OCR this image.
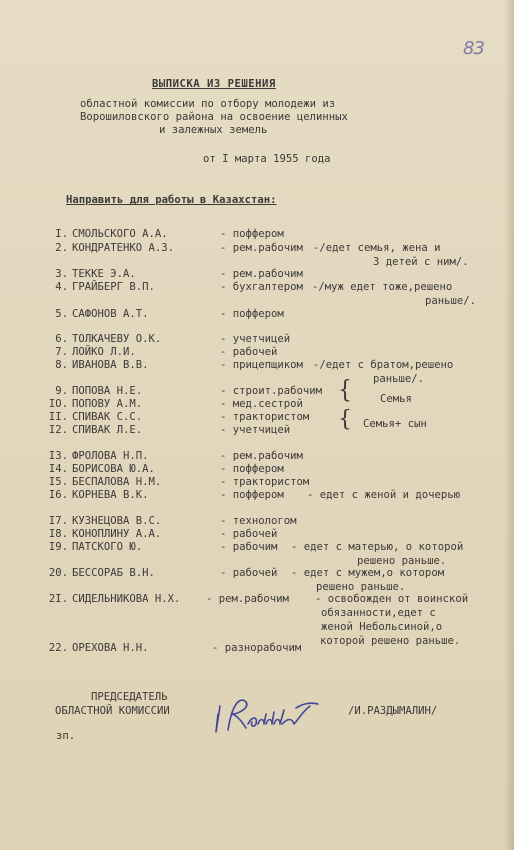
83
ВЫПИСКА ИЗ РЕШЕНИЯ
областной комиссии по отбору молодежи из
Ворошиловского района на освоение целинных
и залежных земель
от I марта 1955 года
Направить для работы в Казахстан:
I. СМОЛЬСКОГО А.А.	- поффером
2. КОНДРАТЕНКО А.З.	- рем.рабочим -/едет семья, жена и
3 детей с ним/.
3. ТЕККЕ Э.А.	- рем.рабочим
4. ГРАЙБЕРГ В.П.	- бухгалтером -/муж едет тоже,решено
раньше/.
5. САФОНОВ А.Т.	- поффером
6. ТОЛКАЧЕВУ О.К.	- учетчицей
7. ЛОЙКО Л.И.	- рабочей
8. ИВАНОВА В.В.	- прицепщиком -/едет с братом,решено
раньше/.
9. ПОПОВА Н.Е.	- строит.рабочим
IO. ПОПОВУ А.М.	- мед.сестрой
II. СПИВАК С.С.	- трактористом
I2. СПИВАК Л.Е.	- учетчицей
{	Семья
{ Семья+ сын
I3. ФРОЛОВА Н.П.	- рем.рабочим
I4. БОРИСОВА Ю.А.	- поффером
I5. БЕСПАЛОВА Н.М.	- трактористом
I6. КОРНЕВА В.К.	- поффером - едет с женой и дочерью
I7. КУЗНЕЦОВА В.С.	- технологом
I8. КОНОПЛИНУ А.А.	- рабочей
I9. ПАТСКОГО Ю.	- рабочим - едет с матерью, о которой
решено раньше.
20. БЕССОРАБ В.Н.	- рабочей - едет с мужем,о котором
решено раньше.
2I. СИДЕЛЬНИКОВА Н.Х. - рем.рабочим - освобожден от воинской
обязанности,едет с
женой Небольсиной,о
которой решено раньше.
22. ОРЕХОВА Н.Н.	- разнорабочим
ПРЕДСЕДАТЕЛЬ
ОБЛАСТНОЙ КОМИССИИ	/И.РАЗДЫМАЛИН/
зп.
